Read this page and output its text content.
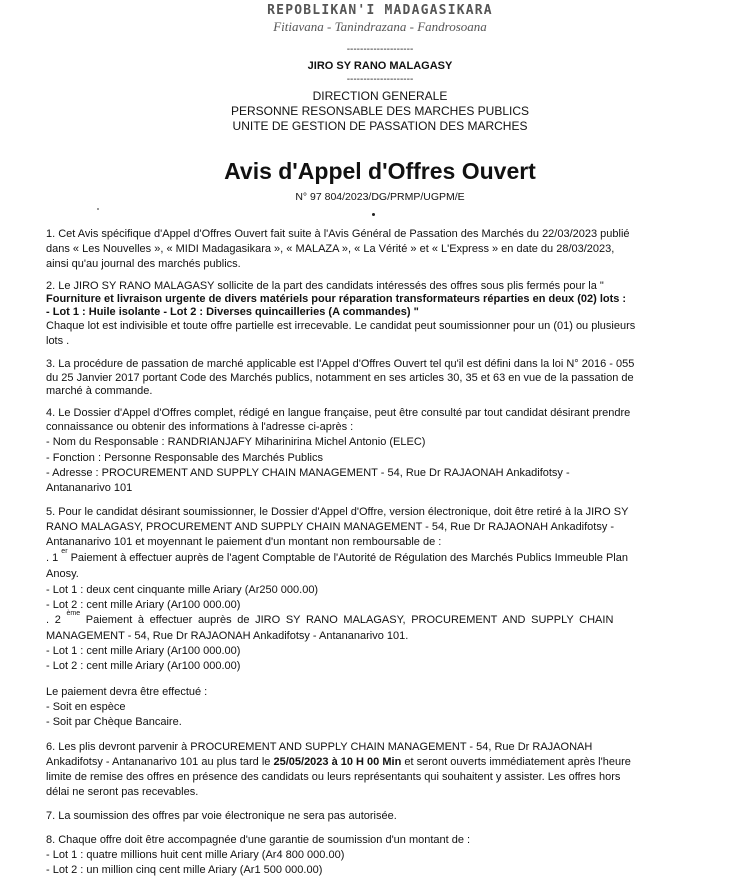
REPOBLIKAN'I MADAGASIKARA
Fitiavana - Tanindrazana - Fandrosoana
--------------------
JIRO SY RANO MALAGASY
--------------------
DIRECTION GENERALE
PERSONNE RESONSABLE DES MARCHES PUBLICS
UNITE DE GESTION DE PASSATION DES MARCHES
Avis d'Appel d'Offres Ouvert
N° 97 804/2023/DG/PRMP/UGPM/E
1. Cet Avis spécifique d'Appel d'Offres Ouvert fait suite à l'Avis Général de Passation des Marchés du 22/03/2023 publié
dans « Les Nouvelles », « MIDI Madagasikara », « MALAZA », « La Vérité » et « L'Express » en date du 28/03/2023,
ainsi qu'au journal des marchés publics.
2. Le JIRO SY RANO MALAGASY sollicite de la part des candidats intéressés des offres sous plis fermés pour la "
Fourniture et livraison urgente de divers matériels pour réparation transformateurs réparties en deux (02) lots :
- Lot 1 : Huile isolante - Lot 2 : Diverses quincailleries (A commandes) "
Chaque lot est indivisible et toute offre partielle est irrecevable. Le candidat peut soumissionner pour un (01) ou plusieurs
lots .
3. La procédure de passation de marché applicable est l'Appel d'Offres Ouvert tel qu'il est défini dans la loi N° 2016 - 055
du 25 Janvier 2017 portant Code des Marchés publics, notamment en ses articles 30, 35 et 63 en vue de la passation de
marché à commande.
4. Le Dossier d'Appel d'Offres complet, rédigé en langue française, peut être consulté par tout candidat désirant prendre
connaissance ou obtenir des informations à l'adresse ci-après :
- Nom du Responsable : RANDRIANJAFY Miharinirina Michel Antonio (ELEC)
- Fonction : Personne Responsable des Marchés Publics
- Adresse : PROCUREMENT AND SUPPLY CHAIN MANAGEMENT - 54, Rue Dr RAJAONAH Ankadifotsy -
Antananarivo 101
5. Pour le candidat désirant soumissionner, le Dossier d'Appel d'Offre, version électronique, doit être retiré à la JIRO SY
RANO MALAGASY, PROCUREMENT AND SUPPLY CHAIN MANAGEMENT - 54, Rue Dr RAJAONAH Ankadifotsy -
Antananarivo 101 et moyennant le paiement d'un montant non remboursable de :
. 1 $^{er}$ Paiement à effectuer auprès de l'agent Comptable de l'Autorité de Régulation des Marchés Publics Immeuble Plan
Anosy.
- Lot 1 : deux cent cinquante mille Ariary (Ar250 000.00)
- Lot 2 : cent mille Ariary (Ar100 000.00)
. 2 $^{ème}$ Paiement à effectuer auprès de JIRO SY RANO MALAGASY, PROCUREMENT AND SUPPLY CHAIN
MANAGEMENT - 54, Rue Dr RAJAONAH Ankadifotsy - Antananarivo 101.
- Lot 1 : cent mille Ariary (Ar100 000.00)
- Lot 2 : cent mille Ariary (Ar100 000.00)
Le paiement devra être effectué :
- Soit en espèce
- Soit par Chèque Bancaire.
6. Les plis devront parvenir à PROCUREMENT AND SUPPLY CHAIN MANAGEMENT - 54, Rue Dr RAJAONAH
Ankadifotsy - Antananarivo 101 au plus tard le 25/05/2023 à 10 H 00 Min et seront ouverts immédiatement après l'heure
limite de remise des offres en présence des candidats ou leurs représentants qui souhaitent y assister. Les offres hors
délai ne seront pas recevables.
7. La soumission des offres par voie électronique ne sera pas autorisée.
8. Chaque offre doit être accompagnée d'une garantie de soumission d'un montant de :
- Lot 1 : quatre millions huit cent mille Ariary (Ar4 800 000.00)
- Lot 2 : un million cinq cent mille Ariary (Ar1 500 000.00)
